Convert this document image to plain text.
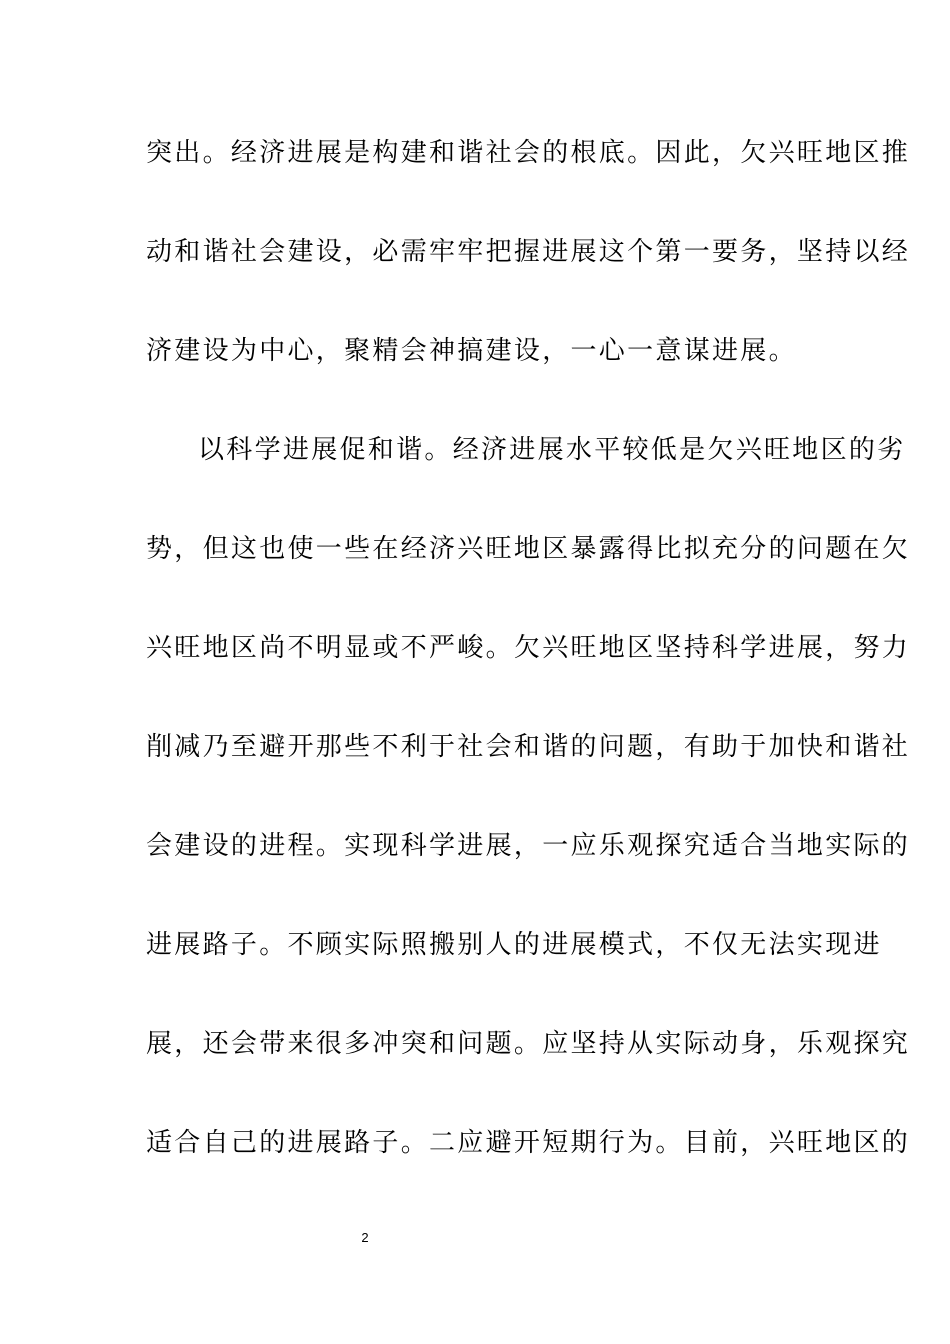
突出。经济进展是构建和谐社会的根底。因此，欠兴旺地区推
动和谐社会建设，必需牢牢把握进展这个第一要务，坚持以经
济建设为中心，聚精会神搞建设，一心一意谋进展。
以科学进展促和谐。经济进展水平较低是欠兴旺地区的劣
势，但这也使一些在经济兴旺地区暴露得比拟充分的问题在欠
兴旺地区尚不明显或不严峻。欠兴旺地区坚持科学进展，努力
削减乃至避开那些不利于社会和谐的问题，有助于加快和谐社
会建设的进程。实现科学进展，一应乐观探究适合当地实际的
进展路子。不顾实际照搬别人的进展模式，不仅无法实现进
展，还会带来很多冲突和问题。应坚持从实际动身，乐观探究
适合自己的进展路子。二应避开短期行为。目前，兴旺地区的
2
